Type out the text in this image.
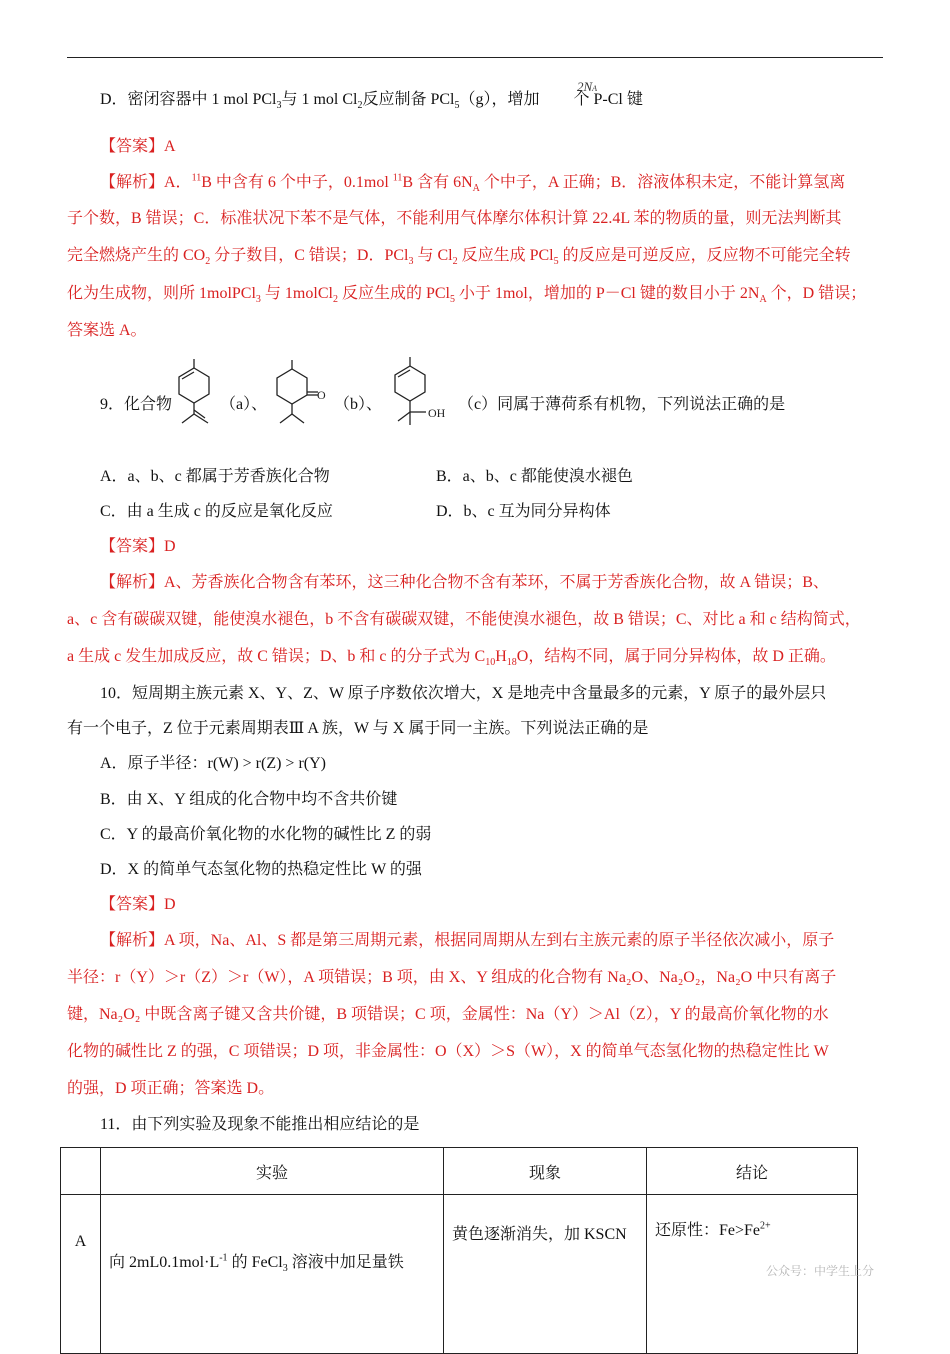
D．密闭容器中 1 mol PCl$_3$与 1 mol $Cl_2$反应制备 PCl$_5$（g），增加 个 P-Cl 键
2NA
【答案】A
【解析】A．$^{11}$B 中含有 6 个中子，0.1mol $^{11}$B 含有 $6N_A$ 个中子，A 正确；B．溶液体积未定，不能计算氢离
子个数，B 错误；C．标准状况下苯不是气体，不能利用气体摩尔体积计算 22.4L 苯的物质的量，则无法判断其
完全燃烧产生的 $CO_2$ 分子数目，C 错误；D．PCl$_3$ 与 $Cl_2$ 反应生成 PCl$_5$ 的反应是可逆反应，反应物不可能完全转
化为生成物，则所 1molPCl$_3$ 与 1molCl$_2$ 反应生成的 PCl$_5$ 小于 1mol，增加的 P－Cl 键的数目小于 $2N_A$ 个，D 错误；
答案选 A。
9．化合物	（a）、
O
（b）、	OH （c）同属于薄荷系有机物，下列说法正确的是
A．a、b、c 都属于芳香族化合物	B．a、b、c 都能使溴水褪色
C．由 a 生成 c 的反应是氧化反应	D．b、c 互为同分异构体
【答案】D
【解析】A、芳香族化合物含有苯环，这三种化合物不含有苯环，不属于芳香族化合物，故 A 错误；B、
a、c 含有碳碳双键，能使溴水褪色，b 不含有碳碳双键，不能使溴水褪色，故 B 错误；C、对比 a 和 c 结构简式，
a 生成 c 发生加成反应，故 C 错误；D、b 和 c 的分子式为 $C_{10}H_{18}O$，结构不同，属于同分异构体，故 D 正确。
10．短周期主族元素 X、Y、Z、W 原子序数依次增大，X 是地壳中含量最多的元素，Y 原子的最外层只
有一个电子，Z 位于元素周期表Ⅲ A 族，W 与 X 属于同一主族。下列说法正确的是
A．原子半径：r(W) > r(Z) > r(Y)
B．由 X、Y 组成的化合物中均不含共价键
C．Y 的最高价氧化物的水化物的碱性比 Z 的弱
D．X 的简单气态氢化物的热稳定性比 W 的强
【答案】D
【解析】A 项，Na、Al、S 都是第三周期元素，根据同周期从左到右主族元素的原子半径依次减小，原子
半径：r（Y）＞r（Z）＞r（W），A 项错误；B 项，由 X、Y 组成的化合物有 Na₂O、Na₂O₂，Na₂O 中只有离子
键，Na₂O₂ 中既含离子键又含共价键，B 项错误；C 项，金属性：Na（Y）＞Al（Z），Y 的最高价氧化物的水
化物的碱性比 Z 的强，C 项错误；D 项，非金属性：O（X）＞S（W），X 的简单气态氢化物的热稳定性比 W
的强，D 项正确；答案选 D。
11．由下列实验及现象不能推出相应结论的是
	实验	现象	结论
A	向 $2mL0.1mol\cdot L^{-1}$ 的 FeCl$_3$ 溶液中加足量铁	黄色逐渐消失，加 KSCN	还原性：$Fe>Fe^{2+}$
公众号：中学生上分
